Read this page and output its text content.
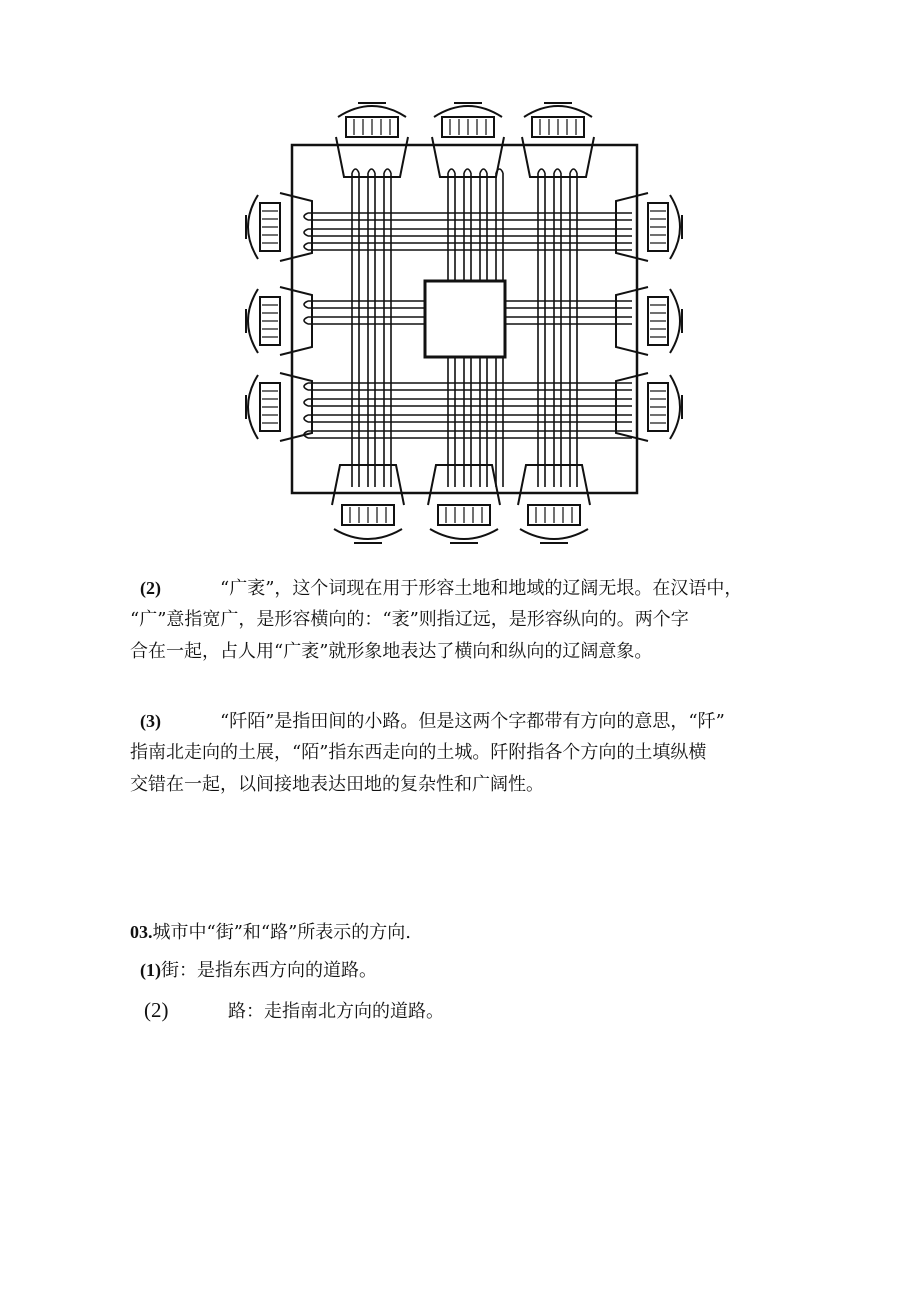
(2)	“广袤”，这个词现在用于形容土地和地域的辽阔无垠。在汉语中，
“广”意指宽广，是形容横向的：“袤”则指辽远，是形容纵向的。两个字
合在一起，占人用“广袤”就形象地表达了横向和纵向的辽阔意象。
(3)	“阡陌”是指田间的小路。但是这两个字都带有方向的意思，“阡”
指南北走向的土展，“陌”指东西走向的土城。阡附指各个方向的土填纵横
交错在一起，以间接地表达田地的复杂性和广阔性。
03.城市中“街”和“路”所表示的方向.
(1)街：是指东西方向的道路。
(2)	路：走指南北方向的道路。
